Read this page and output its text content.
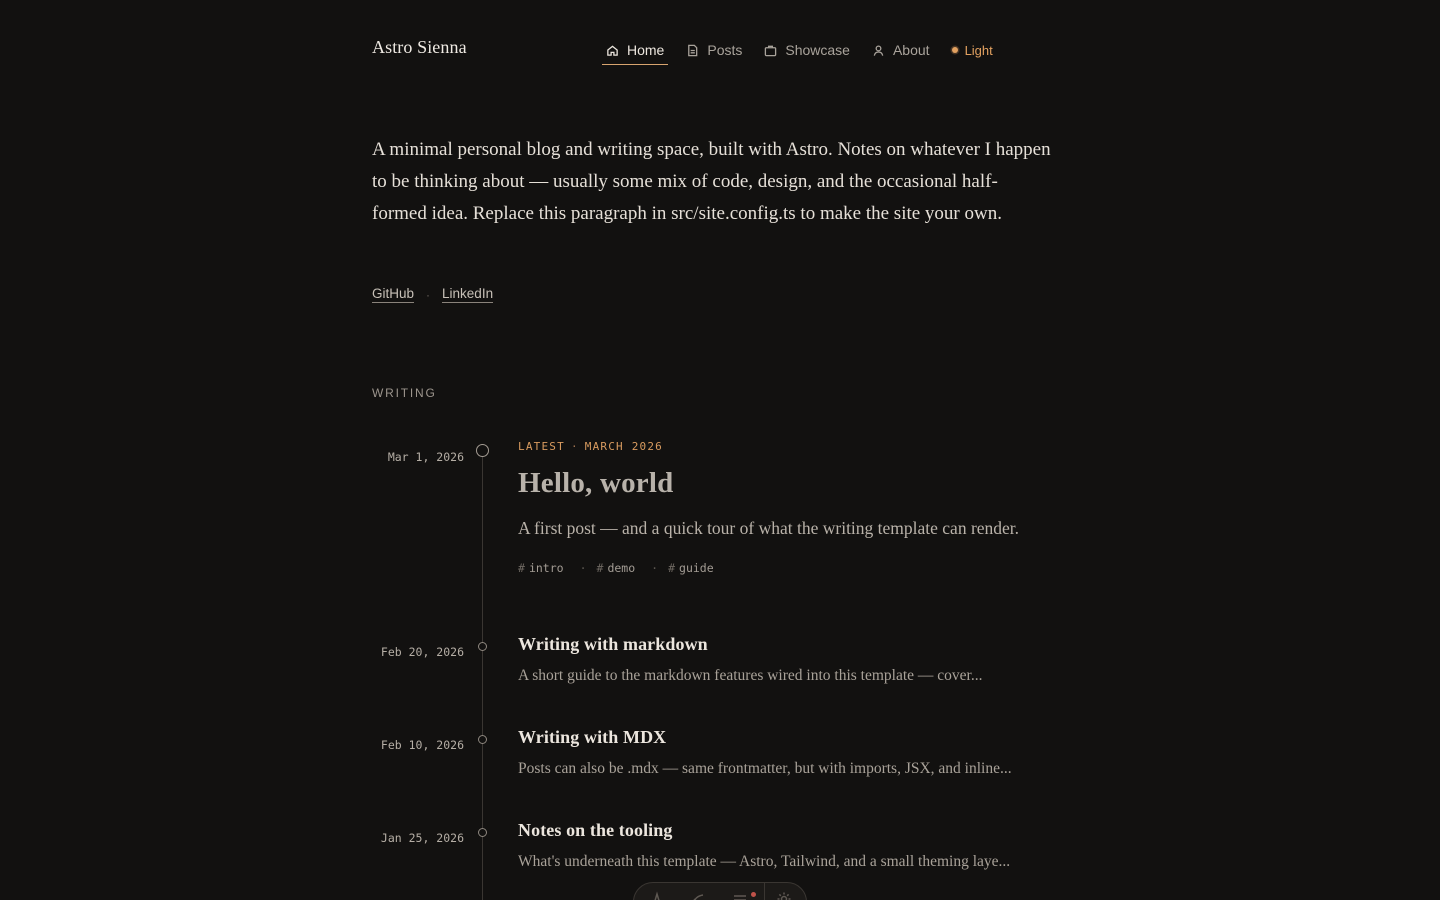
Astro Sienna	Home	Posts	Showcase	About	Light

A minimal personal blog and writing space, built with Astro. Notes on whatever I happen to be thinking about — usually some mix of code, design, and the occasional half-formed idea. Replace this paragraph in src/site.config.ts to make the site your own.

GitHub · LinkedIn
WRITING
Mar 1, 2026
LATEST · MARCH 2026
Hello, world

A first post — and a quick tour of what the writing template can render.

# intro · # demo · # guide
Feb 20, 2026	Writing with markdown

A short guide to the markdown features wired into this template — cover...

Feb 10, 2026	Writing with MDX

Posts can also be .mdx — same frontmatter, but with imports, JSX, and inline...

Jan 25, 2026	Notes on the tooling

What's underneath this template — Astro, Tailwind, and a small theming laye...
